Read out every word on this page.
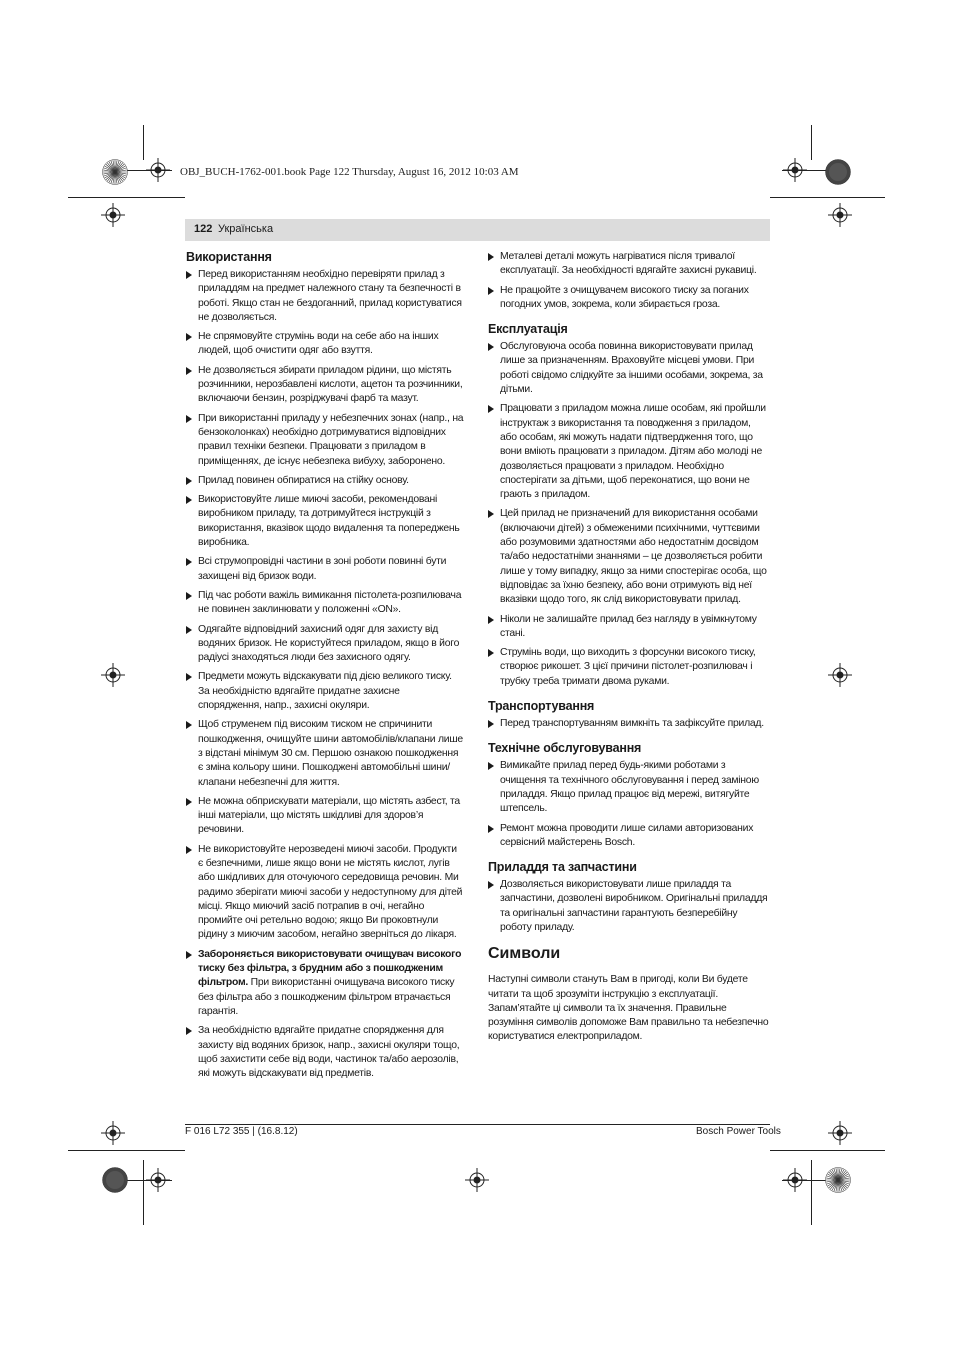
OBJ_BUCH-1762-001.book Page 122 Thursday, August 16, 2012 10:03 AM
122 Українська
Використання
Перед використанням необхідно перевіряти прилад з приладдям на предмет належного стану та безпечності в роботі. Якщо стан не бездоганний, прилад користуватися не дозволяється.
Не спрямовуйте струмінь води на себе або на інших людей, щоб очистити одяг або взуття.
Не дозволяється збирати приладом рідини, що містять розчинники, нерозбавлені кислоти, ацетон та розчинники, включаючи бензин, розріджувачі фарб та мазут.
При використанні приладу у небезпечних зонах (напр., на бензоколонках) необхідно дотримуватися відповідних правил техніки безпеки. Працювати з приладом в приміщеннях, де існує небезпека вибуху, заборонено.
Прилад повинен обпиратися на стійку основу.
Використовуйте лише миючі засоби, рекомендовані виробником приладу, та дотримуйтеся інструкцій з використання, вказівок щодо видалення та попереджень виробника.
Всі струмопровідні частини в зоні роботи повинні бути захищені від бризок води.
Під час роботи важіль вимикання пістолета-розпилювача не повинен заклинювати у положенні «ON».
Одягайте відповідний захисний одяг для захисту від водяних бризок. Не користуйтеся приладом, якщо в його радіусі знаходяться люди без захисного одягу.
Предмети можуть відскакувати під дією великого тиску. За необхідністю вдягайте придатне захисне спорядження, напр., захисні окуляри.
Щоб струменем під високим тиском не спричинити пошкодження, очищуйте шини автомобілів/клапани лише з відстані мінімум 30 см. Першою ознакою пошкодження є зміна кольору шини. Пошкоджені автомобільні шини/клапани небезпечні для життя.
Не можна обприскувати матеріали, що містять азбест, та інші матеріали, що містять шкідливі для здоров’я речовини.
Не використовуйте нерозведені миючі засоби. Продукти є безпечними, лише якщо вони не містять кислот, лугів або шкідливих для оточуючого середовища речовин. Ми радимо зберігати миючі засоби у недоступному для дітей місці. Якщо миючий засіб потрапив в очі, негайно промийте очі ретельно водою; якщо Ви проковтнули рідину з миючим засобом, негайно зверніться до лікаря.
Забороняється використовувати очищувач високого тиску без фільтра, з брудним або з пошкодженим фільтром. При використанні очищувача високого тиску без фільтра або з пошкодженим фільтром втрачається гарантія.
За необхідністю вдягайте придатне спорядження для захисту від водяних бризок, напр., захисні окуляри тощо, щоб захистити себе від води, частинок та/або аерозолів, які можуть відскакувати від предметів.
Металеві деталі можуть нагріватися після тривалої експлуатації. За необхідності вдягайте захисні рукавиці.
Не працюйте з очищувачем високого тиску за поганих погодних умов, зокрема, коли збирається гроза.
Експлуатація
Обслуговуюча особа повинна використовувати прилад лише за призначенням. Враховуйте місцеві умови. При роботі свідомо слідкуйте за іншими особами, зокрема, за дітьми.
Працювати з приладом можна лише особам, які пройшли інструктаж з використання та поводження з приладом, або особам, які можуть надати підтвердження того, що вони вміють працювати з приладом. Дітям або молоді не дозволяється працювати з приладом. Необхідно спостерігати за дітьми, щоб переконатися, що вони не грають з приладом.
Цей прилад не призначений для використання особами (включаючи дітей) з обмеженими психічними, чуттєвими або розумовими здатностями або недостатнім досвідом та/або недостатніми знаннями – це дозволяється робити лише у тому випадку, якщо за ними спостерігає особа, що відповідає за їхню безпеку, або вони отримують від неї вказівки щодо того, як слід використовувати прилад.
Ніколи не залишайте прилад без нагляду в увімкнутому стані.
Струмінь води, що виходить з форсунки високого тиску, створює рикошет. З цієї причини пістолет-розпилювач і трубку треба тримати двома руками.
Транспортування
Перед транспортуванням вимкніть та зафіксуйте прилад.
Технічне обслуговування
Вимикайте прилад перед будь-якими роботами з очищення та технічного обслуговування і перед заміною приладдя. Якщо прилад працює від мережі, витягуйте штепсель.
Ремонт можна проводити лише силами авторизованих сервісний майстерень Bosch.
Приладдя та запчастини
Дозволяється використовувати лише приладдя та запчастини, дозволені виробником. Оригінальні приладдя та оригінальні запчастини гарантують безперебійну роботу приладу.
Символи

Наступні символи стануть Вам в пригоді, коли Ви будете читати та щоб зрозуміти інструкцію з експлуатації. Запам’ятайте ці символи та їх значення. Правильне розуміння символів допоможе Вам правильно та небезпечно користуватися електроприладом.

F 016 L72 355 | (16.8.12)	Bosch Power Tools
